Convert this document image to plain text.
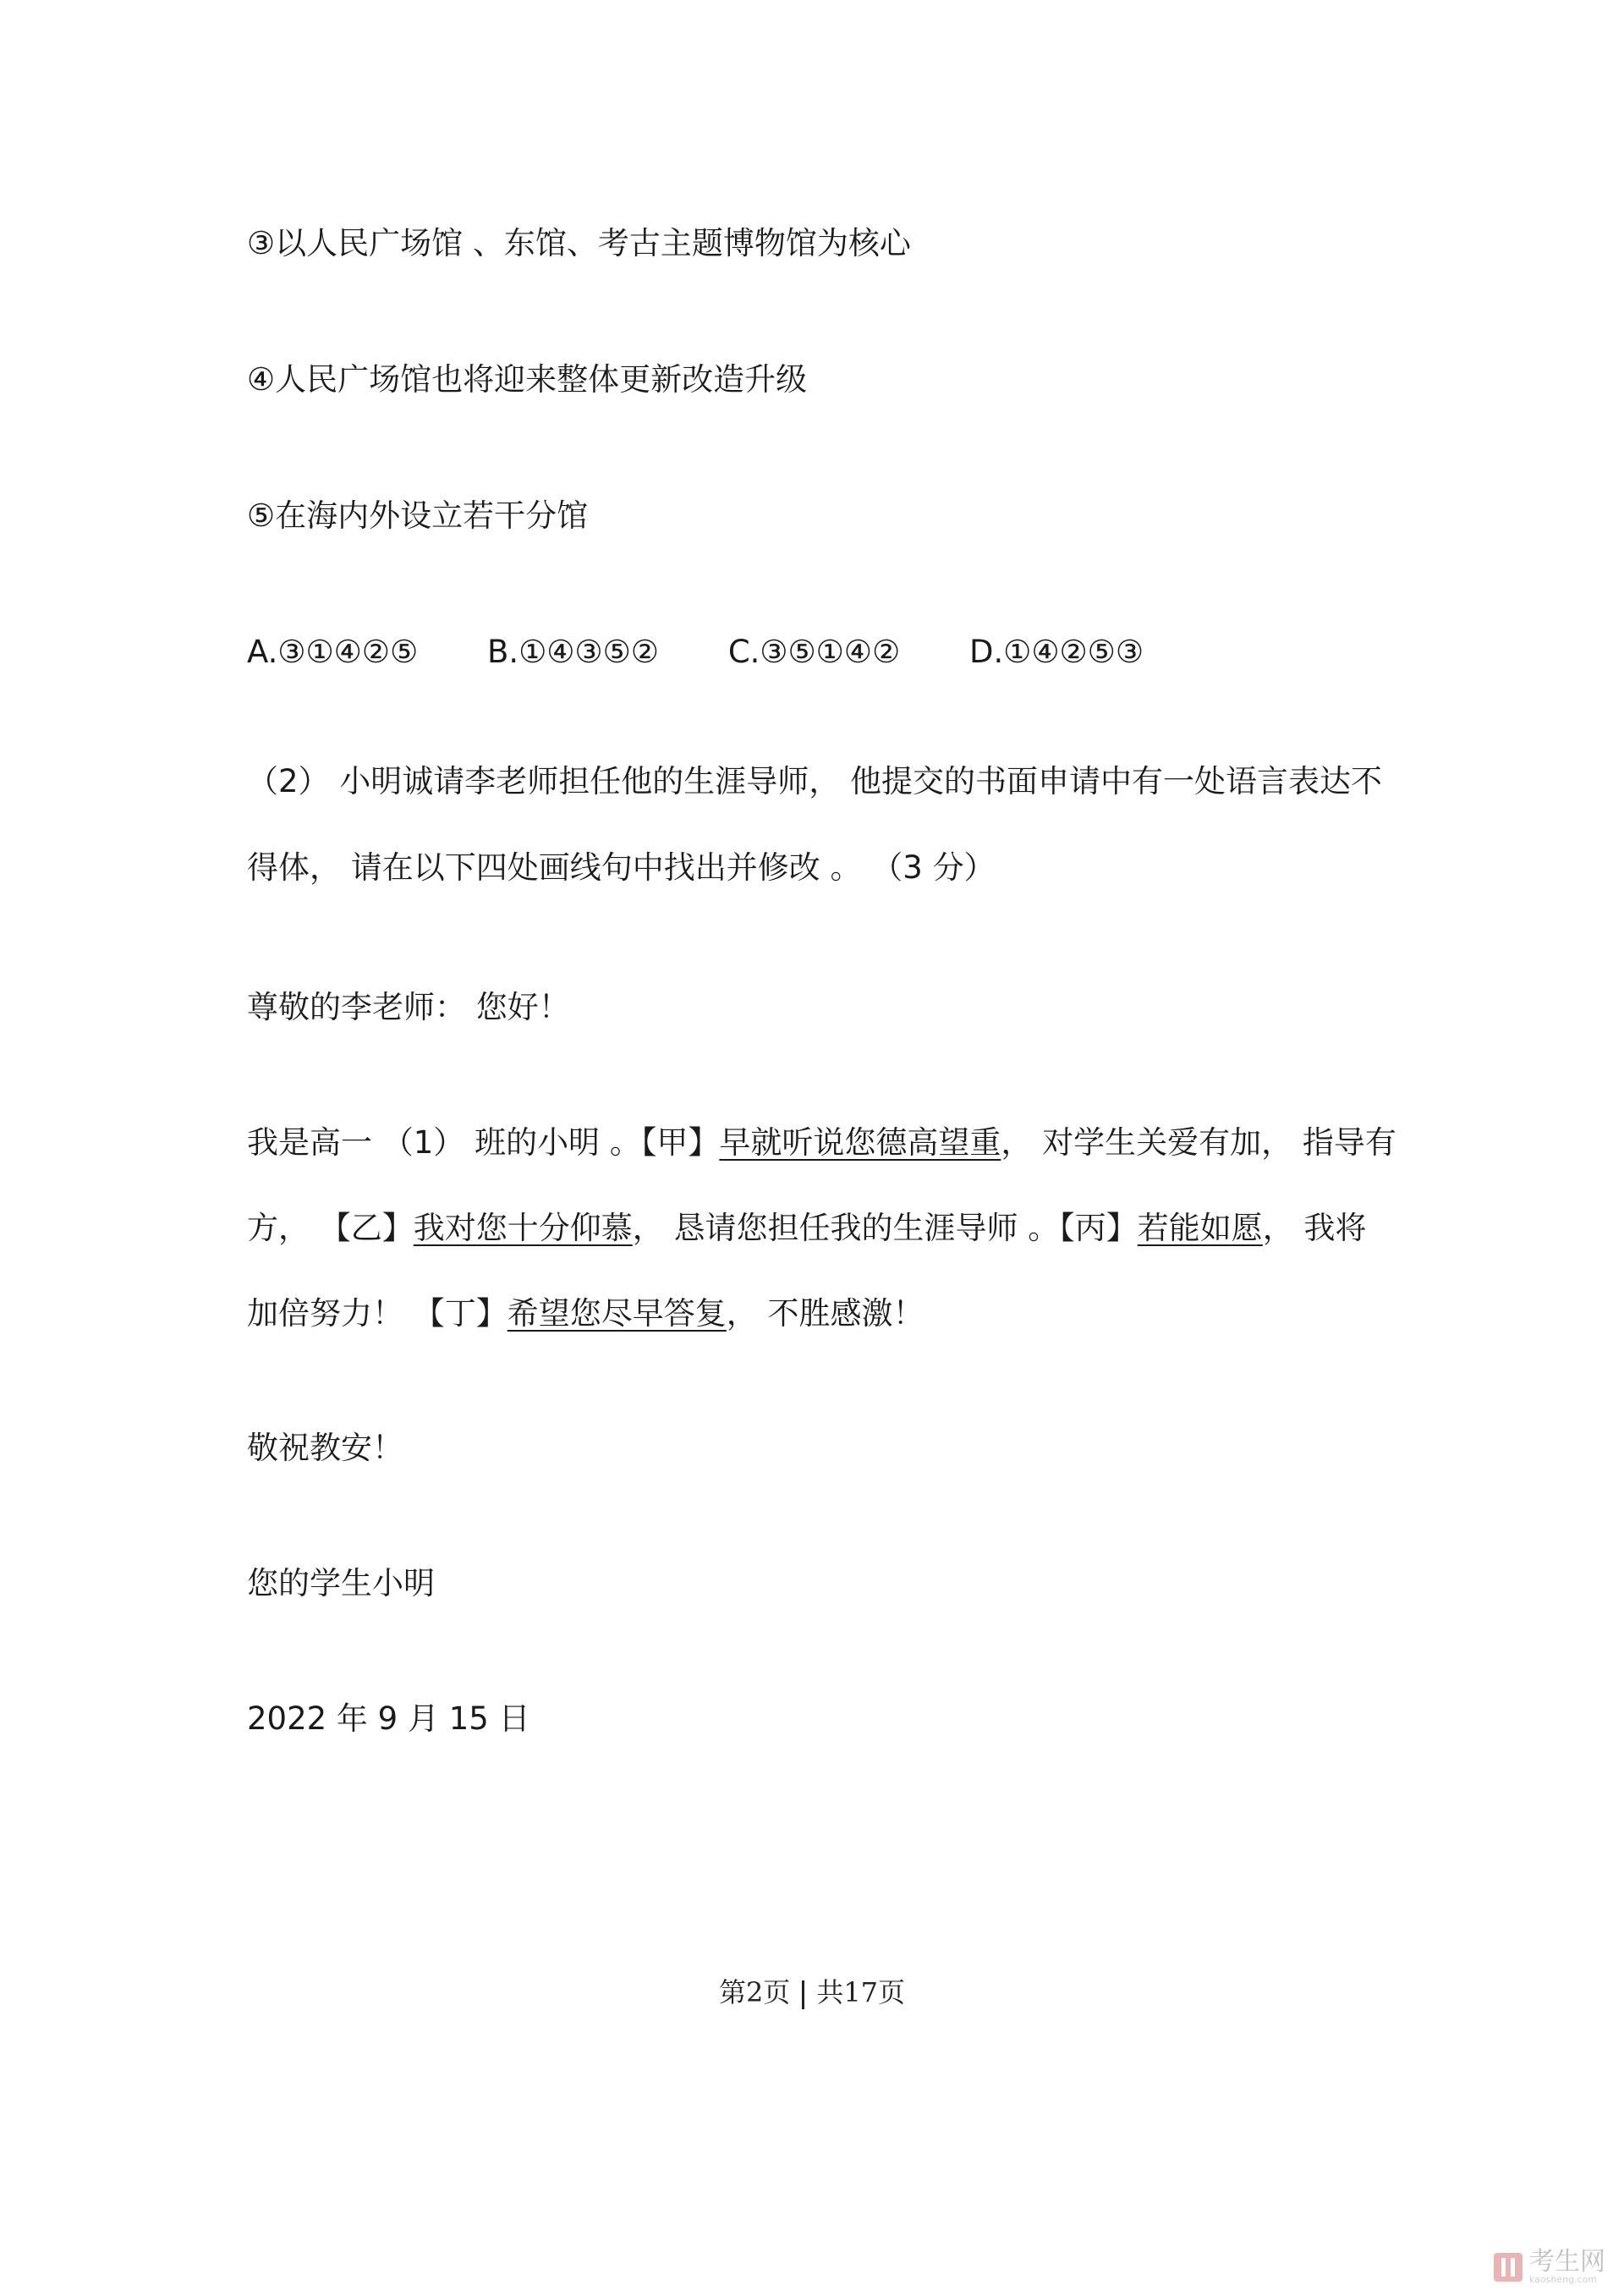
③以人民广场馆 、东馆、考古主题博物馆为核心
④人民广场馆也将迎来整体更新改造升级
⑤在海内外设立若干分馆
A.③①④②⑤ B.①④③⑤② C.③⑤①④② D.①④②⑤③
（2） 小明诚请李老师担任他的生涯导师， 他提交的书面申请中有一处语言表达不
得体， 请在以下四处画线句中找出并修改 。 （3 分）
尊敬的李老师： 您好！
我是高一 （1） 班的小明 。【甲】早就听说您德高望重， 对学生关爱有加， 指导有
方， 【乙】我对您十分仰慕， 恳请您担任我的生涯导师 。【丙】若能如愿， 我将
加倍努力！ 【丁】希望您尽早答复， 不胜感激！
敬祝教安！
您的学生小明
2022 年 9 月 15 日
第2页 共17页
考生网
kaosheng.com
